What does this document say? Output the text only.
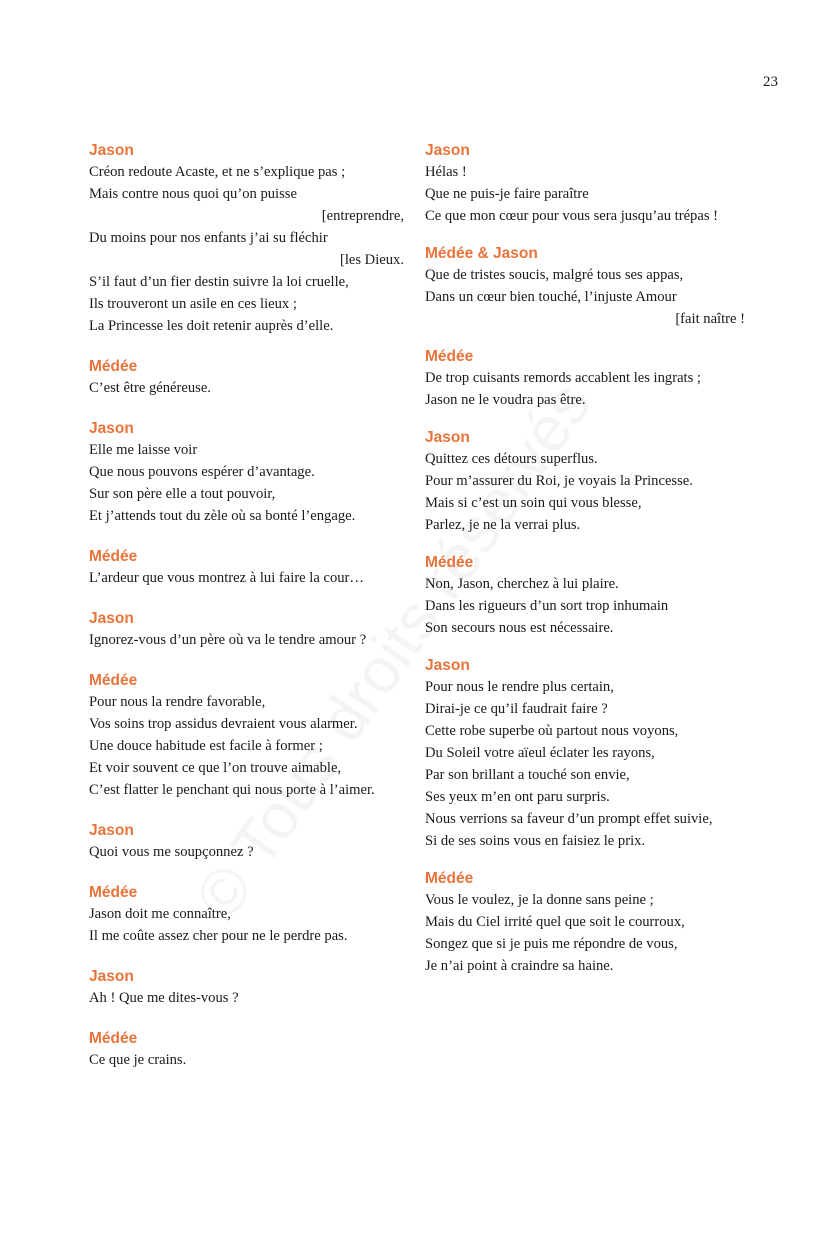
23
Jason
Créon redoute Acaste, et ne s’explique pas ;
Mais contre nous quoi qu’on puisse
[entreprendre,
Du moins pour nos enfants j’ai su fléchir
[les Dieux.
S’il faut d’un fier destin suivre la loi cruelle,
Ils trouveront un asile en ces lieux ;
La Princesse les doit retenir auprès d’elle.
Médée
C’est être généreuse.
Jason
Elle me laisse voir
Que nous pouvons espérer d’avantage.
Sur son père elle a tout pouvoir,
Et j’attends tout du zèle où sa bonté l’engage.
Médée
L’ardeur que vous montrez à lui faire la cour…
Jason
Ignorez-vous d’un père où va le tendre amour ?
Médée
Pour nous la rendre favorable,
Vos soins trop assidus devraient vous alarmer.
Une douce habitude est facile à former ;
Et voir souvent ce que l’on trouve aimable,
C’est flatter le penchant qui nous porte à l’aimer.
Jason
Quoi vous me soupçonnez ?
Médée
Jason doit me connaître,
Il me coûte assez cher pour ne le perdre pas.
Jason
Ah ! Que me dites-vous ?
Médée
Ce que je crains.
Jason
Hélas !
Que ne puis-je faire paraître
Ce que mon cœur pour vous sera jusqu’au trépas !
Médée & Jason
Que de tristes soucis, malgré tous ses appas,
Dans un cœur bien touché, l’injuste Amour
[fait naître !
Médée
De trop cuisants remords accablent les ingrats ;
Jason ne le voudra pas être.
Jason
Quittez ces détours superflus.
Pour m’assurer du Roi, je voyais la Princesse.
Mais si c’est un soin qui vous blesse,
Parlez, je ne la verrai plus.
Médée
Non, Jason, cherchez à lui plaire.
Dans les rigueurs d’un sort trop inhumain
Son secours nous est nécessaire.
Jason
Pour nous le rendre plus certain,
Dirai-je ce qu’il faudrait faire ?
Cette robe superbe où partout nous voyons,
Du Soleil votre aïeul éclater les rayons,
Par son brillant a touché son envie,
Ses yeux m’en ont paru surpris.
Nous verrions sa faveur d’un prompt effet suivie,
Si de ses soins vous en faisiez le prix.
Médée
Vous le voulez, je la donne sans peine ;
Mais du Ciel irrité quel que soit le courroux,
Songez que si je puis me répondre de vous,
Je n’ai point à craindre sa haine.
